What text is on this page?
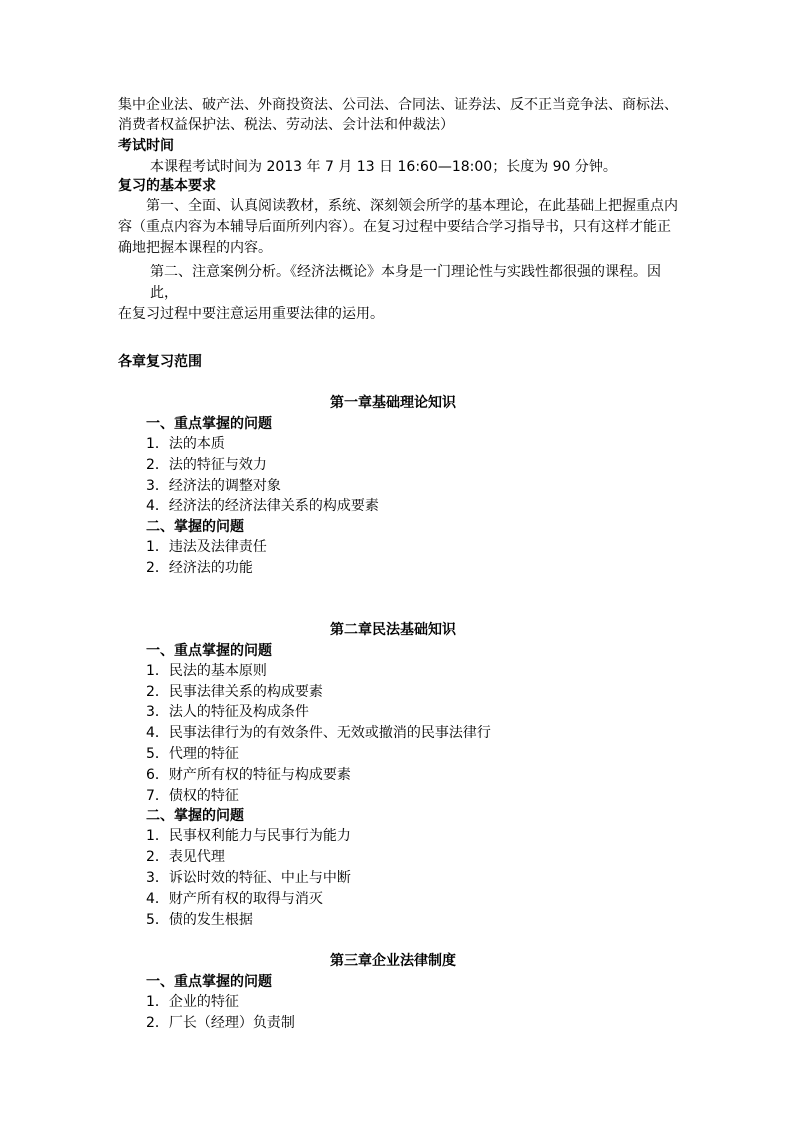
集中企业法、破产法、外商投资法、公司法、合同法、证券法、反不正当竞争法、商标法、
消费者权益保护法、税法、劳动法、会计法和仲裁法）
考试时间
本课程考试时间为 2013 年 7 月 13 日 16:60—18:00；长度为 90 分钟。
复习的基本要求
第一、全面、认真阅读教材，系统、深刻领会所学的基本理论，在此基础上把握重点内
容（重点内容为本辅导后面所列内容）。在复习过程中要结合学习指导书，只有这样才能正
确地把握本课程的内容。
第二、注意案例分析。《经济法概论》本身是一门理论性与实践性都很强的课程。因此，
在复习过程中要注意运用重要法律的运用。
各章复习范围
第一章基础理论知识
一、重点掌握的问题
1．法的本质
2．法的特征与效力
3．经济法的调整对象
4．经济法的经济法律关系的构成要素
二、掌握的问题
1．违法及法律责任
2．经济法的功能
第二章民法基础知识
一、重点掌握的问题
1．民法的基本原则
2．民事法律关系的构成要素
3．法人的特征及构成条件
4．民事法律行为的有效条件、无效或撤消的民事法律行
5．代理的特征
6．财产所有权的特征与构成要素
7．债权的特征
二、掌握的问题
1．民事权利能力与民事行为能力
2．表见代理
3．诉讼时效的特征、中止与中断
4．财产所有权的取得与消灭
5．债的发生根据
第三章企业法律制度
一、重点掌握的问题
1．企业的特征
2．厂长（经理）负责制
